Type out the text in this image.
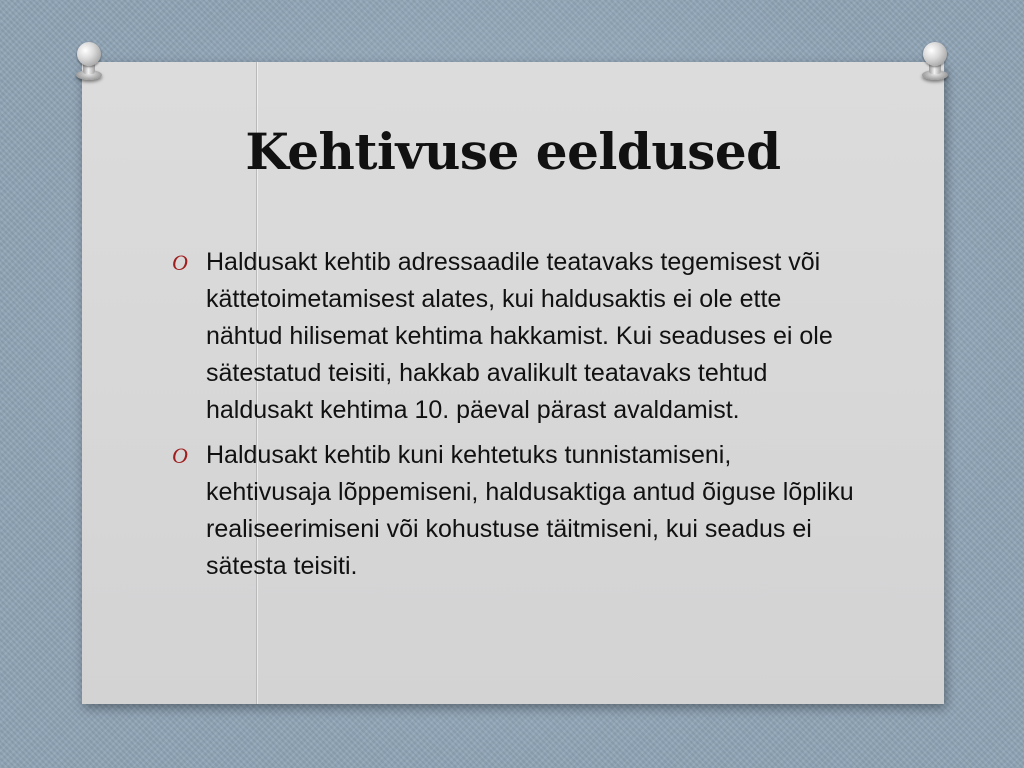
Kehtivuse eeldused
O Haldusakt kehtib adressaadile teatavaks tegemisest või kättetoimetamisest alates, kui haldusaktis ei ole ette nähtud hilisemat kehtima hakkamist. Kui seaduses ei ole sätestatud teisiti, hakkab avalikult teatavaks tehtud haldusakt kehtima 10. päeval pärast avaldamist.
O Haldusakt kehtib kuni kehtetuks tunnistamiseni, kehtivusaja lõppemiseni, haldusaktiga antud õiguse lõpliku realiseerimiseni või kohustuse täitmiseni, kui seadus ei sätesta teisiti.
